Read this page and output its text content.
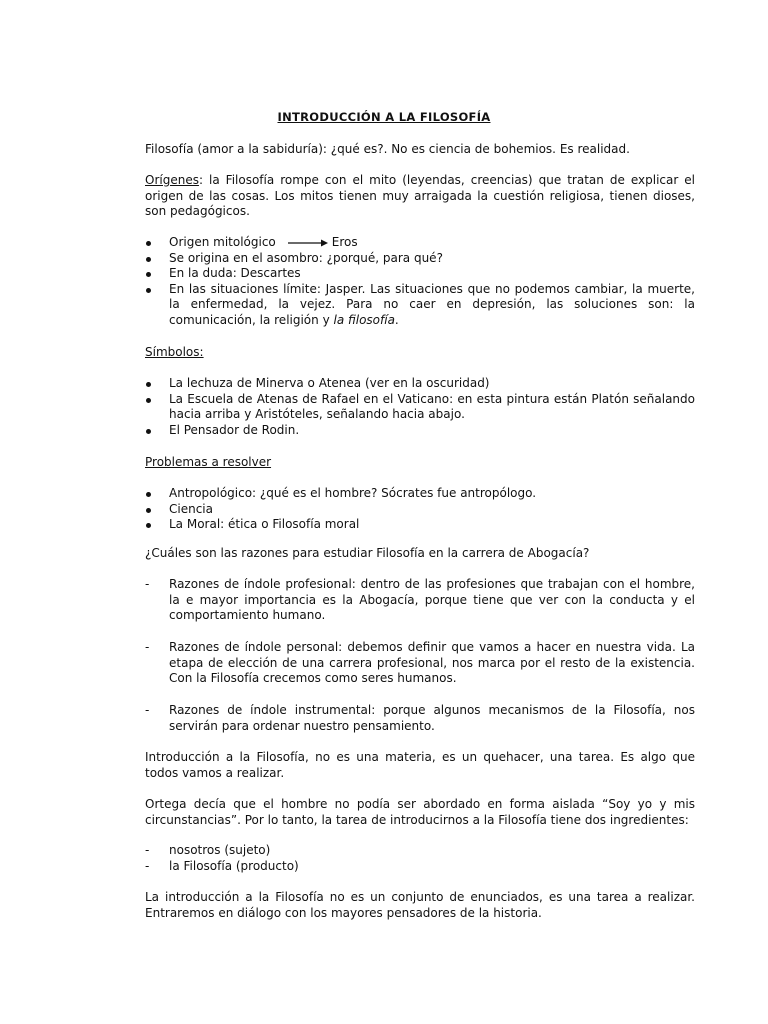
INTRODUCCIÓN A LA FILOSOFÍA

Filosofía (amor a la sabiduría): ¿qué es?. No es ciencia de bohemios. Es realidad.

Orígenes: la Filosofía rompe con el mito (leyendas, creencias) que tratan de explicar el origen de las cosas. Los mitos tienen muy arraigada la cuestión religiosa, tienen dioses, son pedagógicos.

Origen mitológico	Eros
Se origina en el asombro: ¿porqué, para qué?
En la duda: Descartes
En las situaciones límite: Jasper. Las situaciones que no podemos cambiar, la muerte, la enfermedad, la vejez. Para no caer en depresión, las soluciones son: la comunicación, la religión y la filosofía.

Símbolos:

La lechuza de Minerva o Atenea (ver en la oscuridad)
La Escuela de Atenas de Rafael en el Vaticano: en esta pintura están Platón señalando hacia arriba y Aristóteles, señalando hacia abajo.
El Pensador de Rodin.

Problemas a resolver

Antropológico: ¿qué es el hombre? Sócrates fue antropólogo.
Ciencia
La Moral: ética o Filosofía moral

¿Cuáles son las razones para estudiar Filosofía en la carrera de Abogacía?

- Razones de índole profesional: dentro de las profesiones que trabajan con el hombre, la e mayor importancia es la Abogacía, porque tiene que ver con la conducta y el comportamiento humano.
- Razones de índole personal: debemos definir que vamos a hacer en nuestra vida. La etapa de elección de una carrera profesional, nos marca por el resto de la existencia. Con la Filosofía crecemos como seres humanos.
- Razones de índole instrumental: porque algunos mecanismos de la Filosofía, nos servirán para ordenar nuestro pensamiento.

Introducción a la Filosofía, no es una materia, es un quehacer, una tarea. Es algo que todos vamos a realizar.

Ortega decía que el hombre no podía ser abordado en forma aislada “Soy yo y mis circunstancias”. Por lo tanto, la tarea de introducirnos a la Filosofía tiene dos ingredientes:

- nosotros (sujeto)
- la Filosofía (producto)

La introducción a la Filosofía no es un conjunto de enunciados, es una tarea a realizar. Entraremos en diálogo con los mayores pensadores de la historia.
